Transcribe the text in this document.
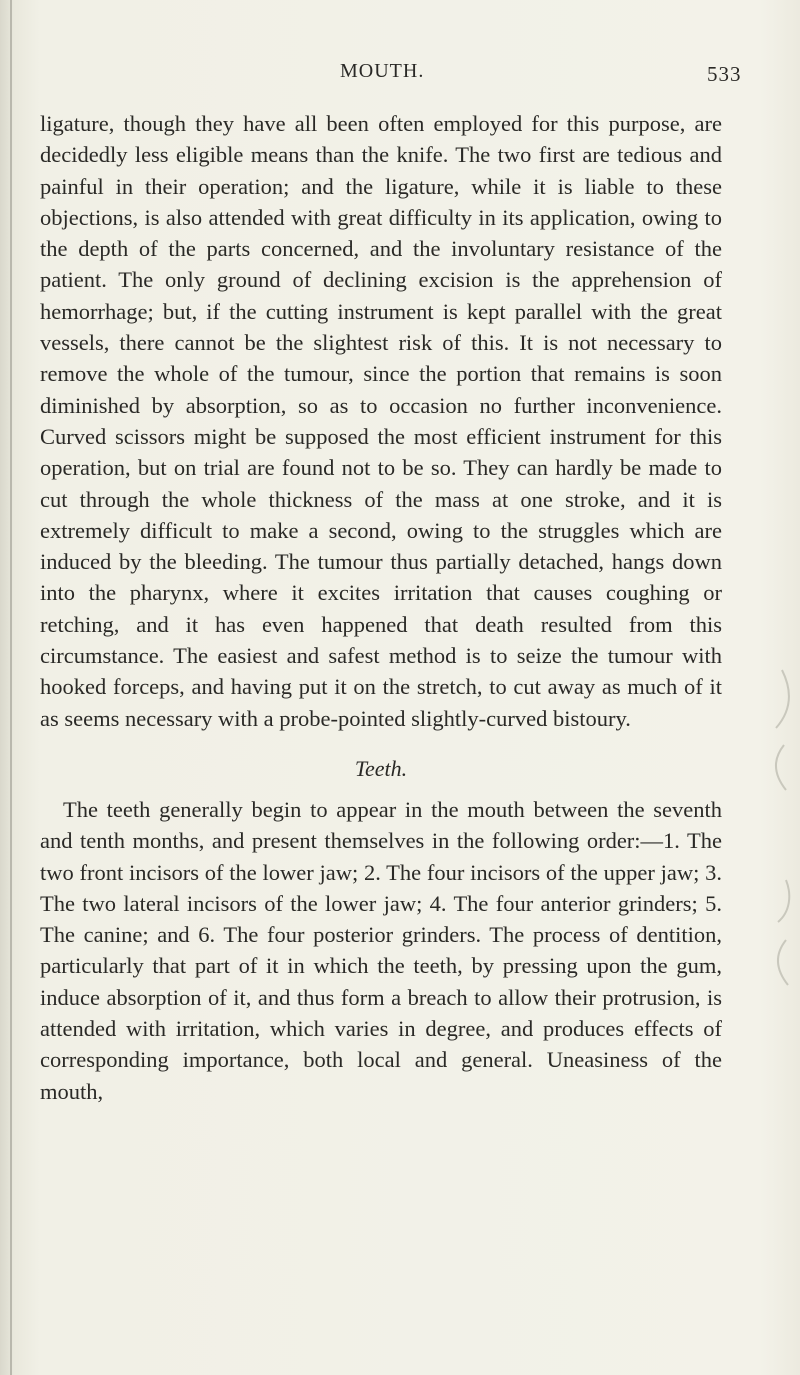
MOUTH.	533

ligature, though they have all been often employed for this purpose, are decidedly less eligible means than the knife. The two first are tedious and painful in their operation; and the ligature, while it is liable to these objections, is also attended with great difficulty in its application, owing to the depth of the parts concerned, and the involuntary resistance of the patient. The only ground of declining excision is the apprehension of hemorrhage; but, if the cutting instrument is kept parallel with the great vessels, there cannot be the slightest risk of this. It is not necessary to remove the whole of the tumour, since the portion that remains is soon diminished by absorption, so as to occasion no further inconvenience. Curved scissors might be supposed the most efficient instrument for this operation, but on trial are found not to be so. They can hardly be made to cut through the whole thickness of the mass at one stroke, and it is extremely difficult to make a second, owing to the struggles which are induced by the bleeding. The tumour thus partially detached, hangs down into the pharynx, where it excites irritation that causes coughing or retching, and it has even happened that death resulted from this circumstance. The easiest and safest method is to seize the tumour with hooked forceps, and having put it on the stretch, to cut away as much of it as seems necessary with a probe-pointed slightly-curved bistoury.

Teeth.

The teeth generally begin to appear in the mouth between the seventh and tenth months, and present themselves in the following order:—1. The two front incisors of the lower jaw; 2. The four incisors of the upper jaw; 3. The two lateral incisors of the lower jaw; 4. The four anterior grinders; 5. The canine; and 6. The four posterior grinders. The process of dentition, particularly that part of it in which the teeth, by pressing upon the gum, induce absorption of it, and thus form a breach to allow their protrusion, is attended with irritation, which varies in degree, and produces effects of corresponding importance, both local and general. Uneasiness of the mouth,
